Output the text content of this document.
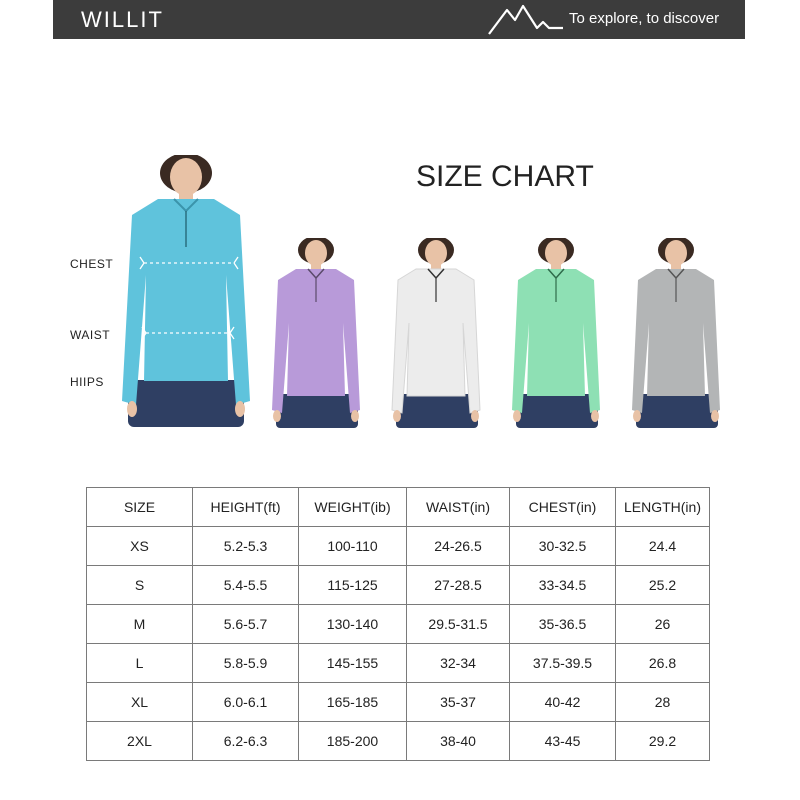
WILLIT	To explore, to discover
SIZE CHART
CHEST
WAIST
HIIPS
SIZE	HEIGHT(ft)	WEIGHT(ib)	WAIST(in)	CHEST(in)	LENGTH(in)
XS	5.2-5.3	100-110	24-26.5	30-32.5	24.4
S	5.4-5.5	115-125	27-28.5	33-34.5	25.2
M	5.6-5.7	130-140	29.5-31.5	35-36.5	26
L	5.8-5.9	145-155	32-34	37.5-39.5	26.8
XL	6.0-6.1	165-185	35-37	40-42	28
2XL	6.2-6.3	185-200	38-40	43-45	29.2
